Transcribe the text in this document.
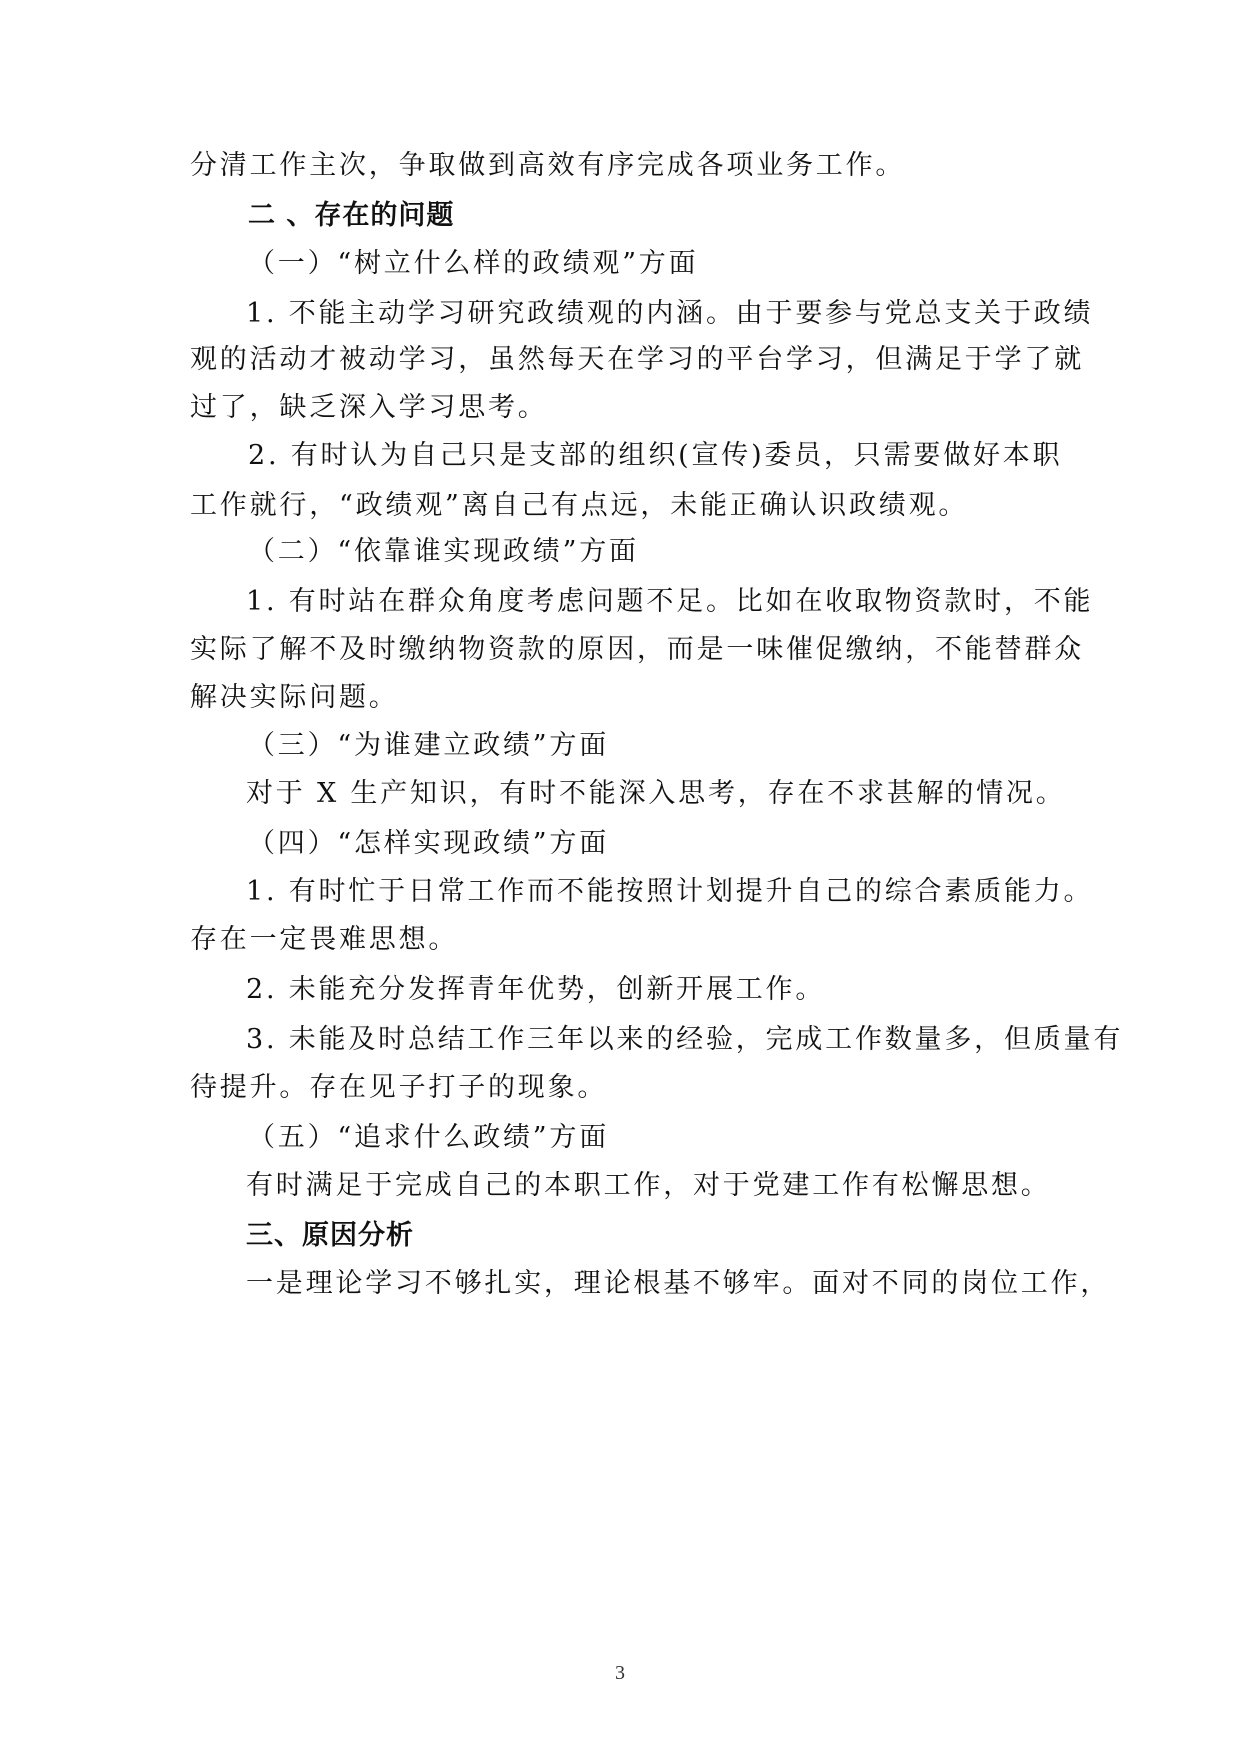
分清工作主次，争取做到高效有序完成各项业务工作。
二 、存在的问题
（一）“树立什么样的政绩观”方面
1. 不能主动学习研究政绩观的内涵。由于要参与党总支关于政绩
观的活动才被动学习，虽然每天在学习的平台学习，但满足于学了就
过了，缺乏深入学习思考。
2. 有时认为自己只是支部的组织(宣传)委员，只需要做好本职
工作就行，“政绩观”离自己有点远，未能正确认识政绩观。
（二）“依靠谁实现政绩”方面
1. 有时站在群众角度考虑问题不足。比如在收取物资款时，不能
实际了解不及时缴纳物资款的原因，而是一味催促缴纳，不能替群众
解决实际问题。
（三）“为谁建立政绩”方面
对于 X 生产知识，有时不能深入思考，存在不求甚解的情况。
（四）“怎样实现政绩”方面
1. 有时忙于日常工作而不能按照计划提升自己的综合素质能力。
存在一定畏难思想。
2. 未能充分发挥青年优势，创新开展工作。
3. 未能及时总结工作三年以来的经验，完成工作数量多，但质量有
待提升。存在见子打子的现象。
（五）“追求什么政绩”方面
有时满足于完成自己的本职工作，对于党建工作有松懈思想。
三、原因分析
一是理论学习不够扎实，理论根基不够牢。面对不同的岗位工作，
3
